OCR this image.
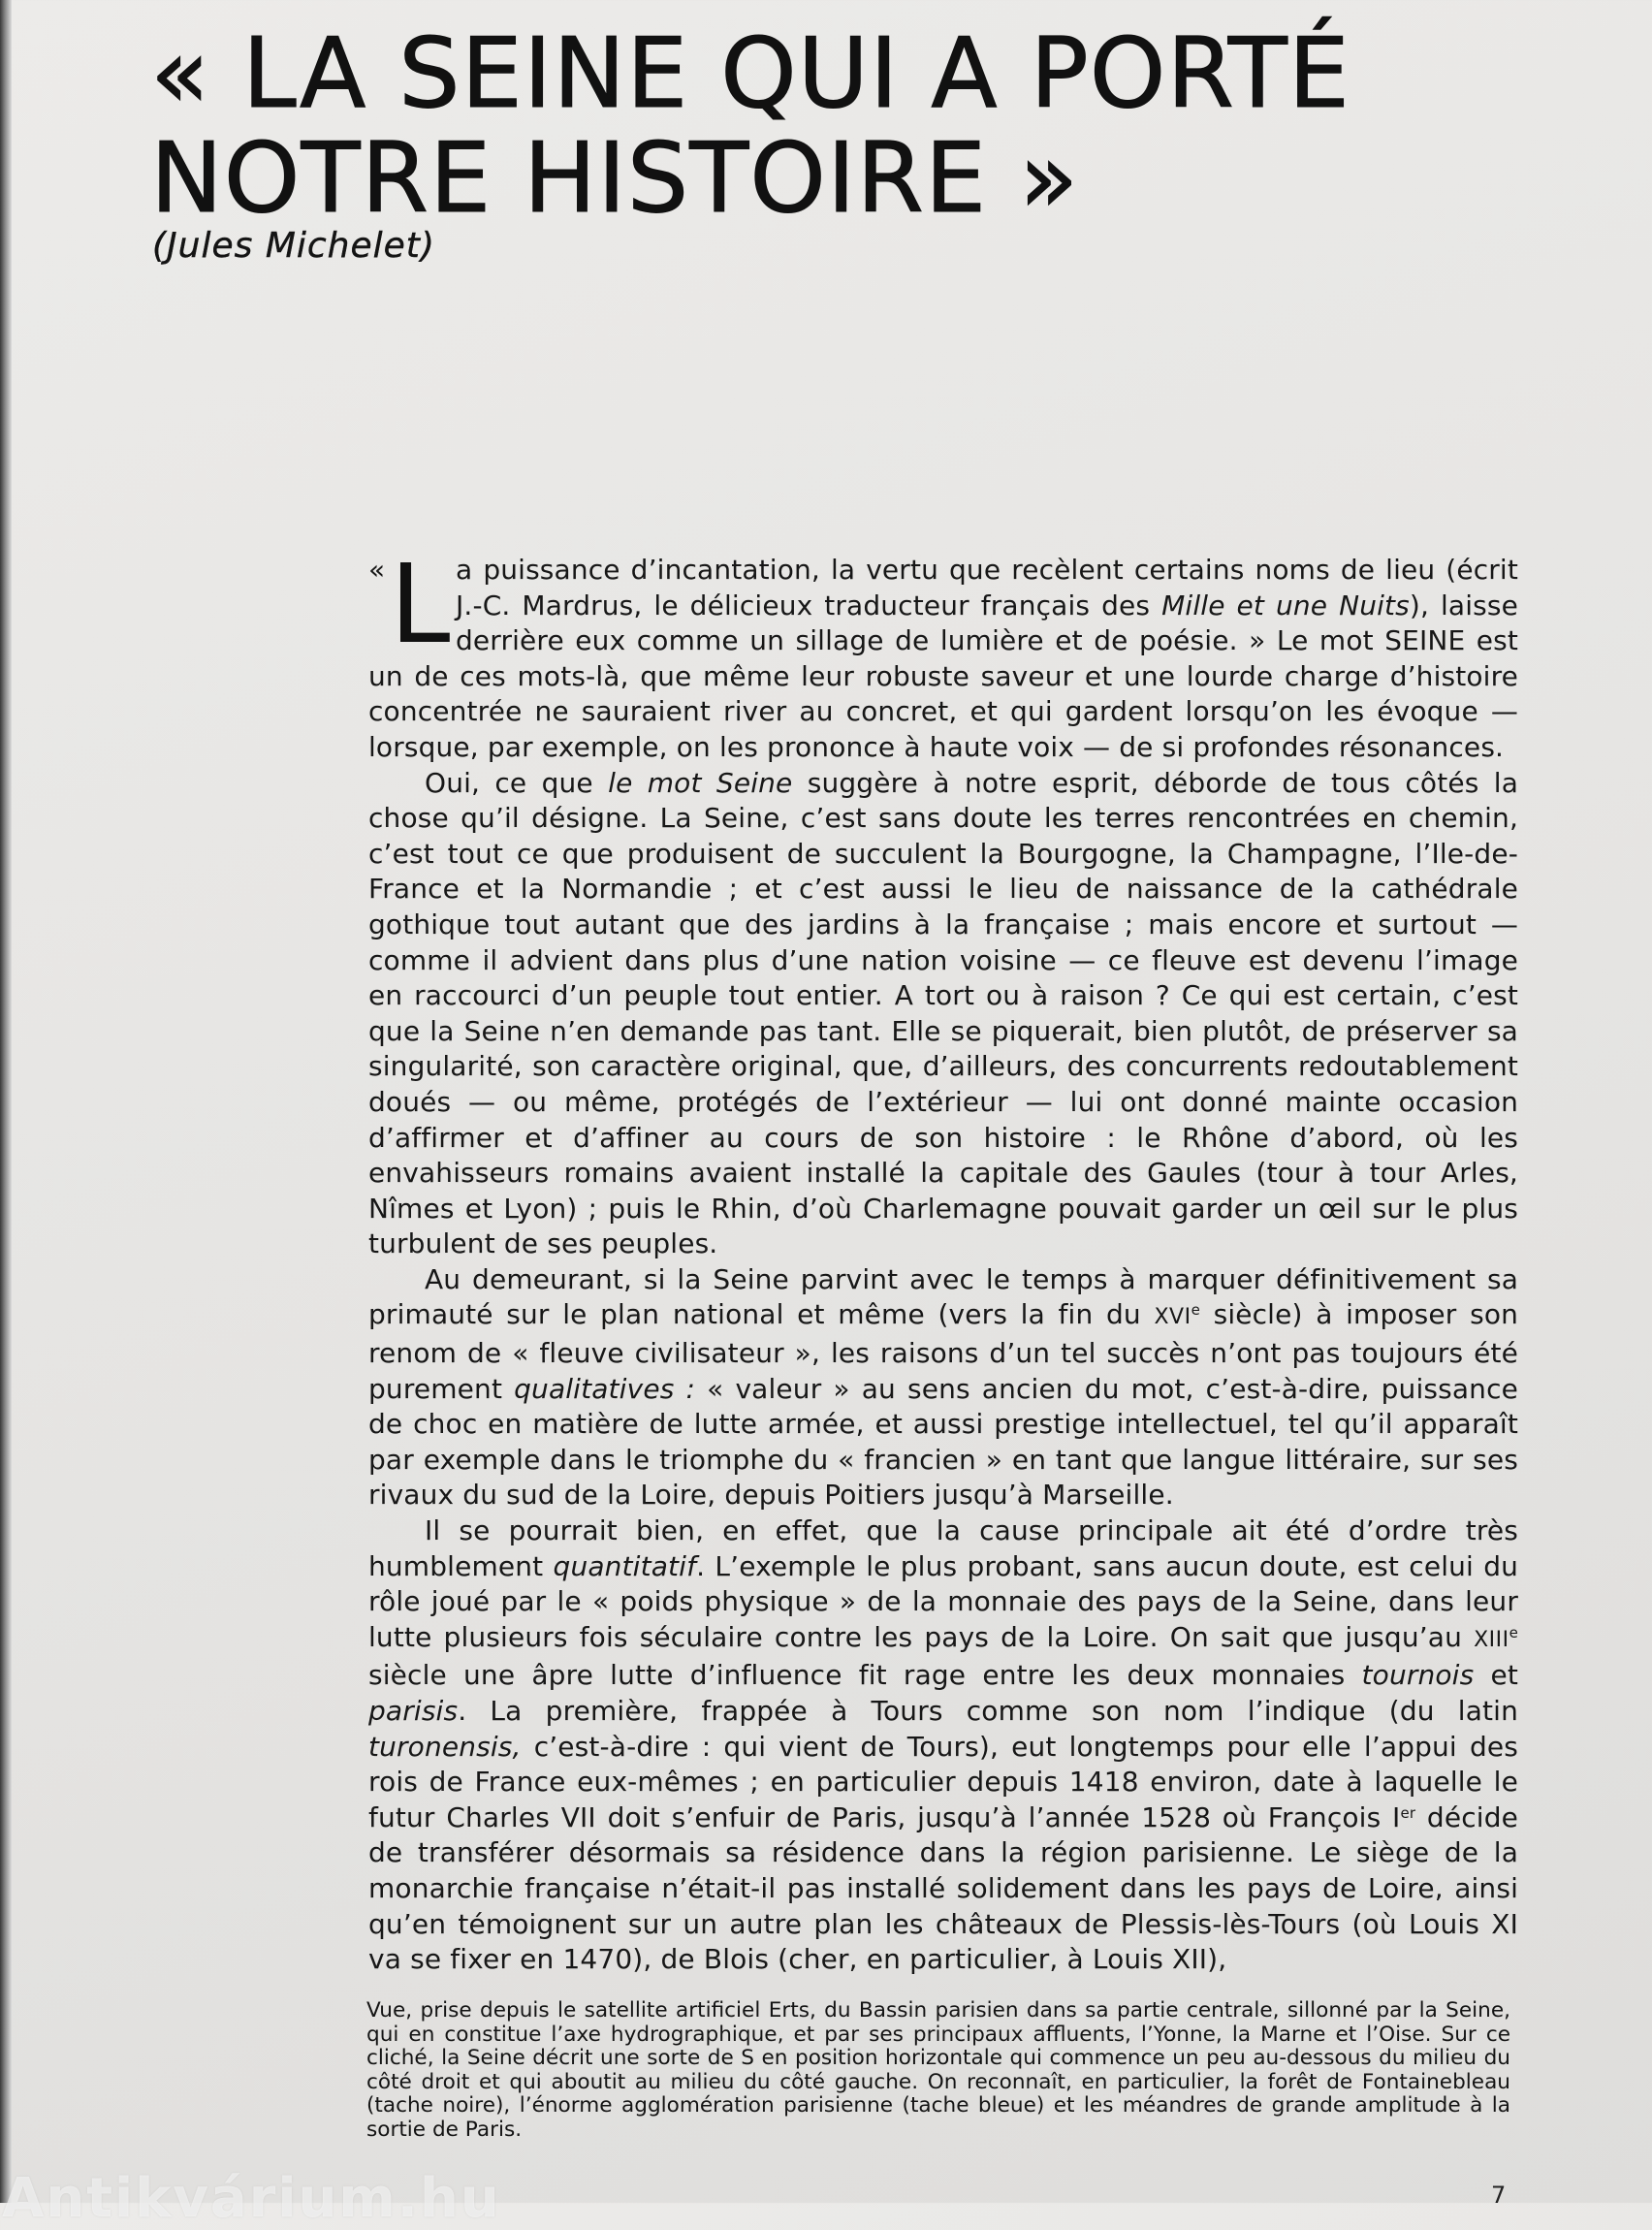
« LA SEINE QUI A PORTÉ
NOTRE HISTOIRE »

(Jules Michelet)

« L a puissance d’incantation, la vertu que recèlent certains noms de lieu (écrit J.-C. Mardrus, le délicieux traducteur français des Mille et une Nuits), laisse derrière eux comme un sillage de lumière et de poésie. » Le mot SEINE est un de ces mots-là, que même leur robuste saveur et une lourde charge d’histoire concentrée ne sauraient river au concret, et qui gardent lorsqu’on les évoque — lorsque, par exemple, on les prononce à haute voix — de si profondes résonances.

Oui, ce que le mot Seine suggère à notre esprit, déborde de tous côtés la chose qu’il désigne. La Seine, c’est sans doute les terres rencontrées en chemin, c’est tout ce que produisent de succulent la Bourgogne, la Champagne, l’Ile-de-France et la Normandie ; et c’est aussi le lieu de naissance de la cathédrale gothique tout autant que des jardins à la française ; mais encore et surtout — comme il advient dans plus d’une nation voisine — ce fleuve est devenu l’image en raccourci d’un peuple tout entier. A tort ou à raison ? Ce qui est certain, c’est que la Seine n’en demande pas tant. Elle se piquerait, bien plutôt, de préserver sa singularité, son caractère original, que, d’ailleurs, des concurrents redoutablement doués — ou même, protégés de l’extérieur — lui ont donné mainte occasion d’affirmer et d’affiner au cours de son histoire : le Rhône d’abord, où les envahisseurs romains avaient installé la capitale des Gaules (tour à tour Arles, Nîmes et Lyon) ; puis le Rhin, d’où Charlemagne pouvait garder un œil sur le plus turbulent de ses peuples.

Au demeurant, si la Seine parvint avec le temps à marquer définitivement sa primauté sur le plan national et même (vers la fin du XVIe siècle) à imposer son renom de « fleuve civilisateur », les raisons d’un tel succès n’ont pas toujours été purement qualitatives : « valeur » au sens ancien du mot, c’est-à-dire, puissance de choc en matière de lutte armée, et aussi prestige intellectuel, tel qu’il apparaît par exemple dans le triomphe du « francien » en tant que langue littéraire, sur ses rivaux du sud de la Loire, depuis Poitiers jusqu’à Marseille.

Il se pourrait bien, en effet, que la cause principale ait été d’ordre très humblement quantitatif. L’exemple le plus probant, sans aucun doute, est celui du rôle joué par le « poids physique » de la monnaie des pays de la Seine, dans leur lutte plusieurs fois séculaire contre les pays de la Loire. On sait que jusqu’au XIIIe siècle une âpre lutte d’influence fit rage entre les deux monnaies tournois et parisis. La première, frappée à Tours comme son nom l’indique (du latin turonensis, c’est-à-dire : qui vient de Tours), eut longtemps pour elle l’appui des rois de France eux-mêmes ; en particulier depuis 1418 environ, date à laquelle le futur Charles VII doit s’enfuir de Paris, jusqu’à l’année 1528 où François Ier décide de transférer désormais sa résidence dans la région parisienne. Le siège de la monarchie française n’était-il pas installé solidement dans les pays de Loire, ainsi qu’en témoignent sur un autre plan les châteaux de Plessis-lès-Tours (où Louis XI va se fixer en 1470), de Blois (cher, en particulier, à Louis XII),

Vue, prise depuis le satellite artificiel Erts, du Bassin parisien dans sa partie centrale, sillonné par la Seine, qui en constitue l’axe hydrographique, et par ses principaux affluents, l’Yonne, la Marne et l’Oise. Sur ce cliché, la Seine décrit une sorte de S en position horizontale qui commence un peu au-dessous du milieu du côté droit et qui aboutit au milieu du côté gauche. On reconnaît, en particulier, la forêt de Fontainebleau (tache noire), l’énorme agglomération parisienne (tache bleue) et les méandres de grande amplitude à la sortie de Paris.

7
Antikvárium.hu
